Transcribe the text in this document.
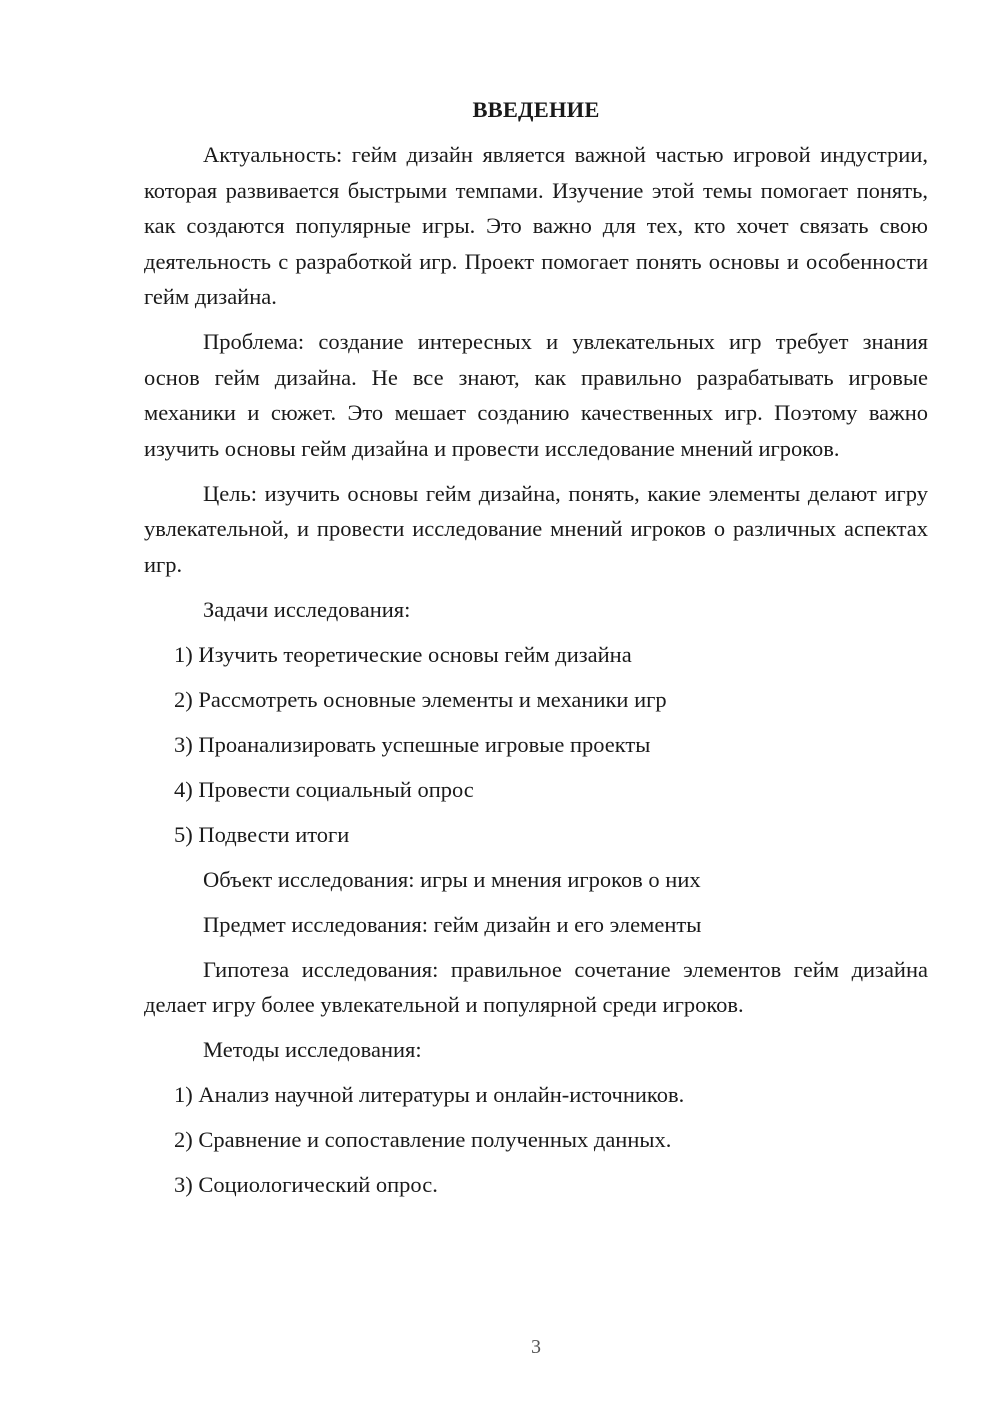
ВВЕДЕНИЕ

Актуальность: гейм дизайн является важной частью игровой индустрии, которая развивается быстрыми темпами. Изучение этой темы помогает понять, как создаются популярные игры. Это важно для тех, кто хочет связать свою деятельность с разработкой игр. Проект помогает понять основы и особенности гейм дизайна.

Проблема: создание интересных и увлекательных игр требует знания основ гейм дизайна. Не все знают, как правильно разрабатывать игровые механики и сюжет. Это мешает созданию качественных игр. Поэтому важно изучить основы гейм дизайна и провести исследование мнений игроков.

Цель: изучить основы гейм дизайна, понять, какие элементы делают игру увлекательной, и провести исследование мнений игроков о различных аспектах игр.

Задачи исследования:

1) Изучить теоретические основы гейм дизайна

2) Рассмотреть основные элементы и механики игр

3) Проанализировать успешные игровые проекты

4) Провести социальный опрос

5) Подвести итоги

Объект исследования: игры и мнения игроков о них

Предмет исследования: гейм дизайн и его элементы

Гипотеза исследования: правильное сочетание элементов гейм дизайна делает игру более увлекательной и популярной среди игроков.

Методы исследования:

1) Анализ научной литературы и онлайн-источников.

2) Сравнение и сопоставление полученных данных.

3) Социологический опрос.

3
